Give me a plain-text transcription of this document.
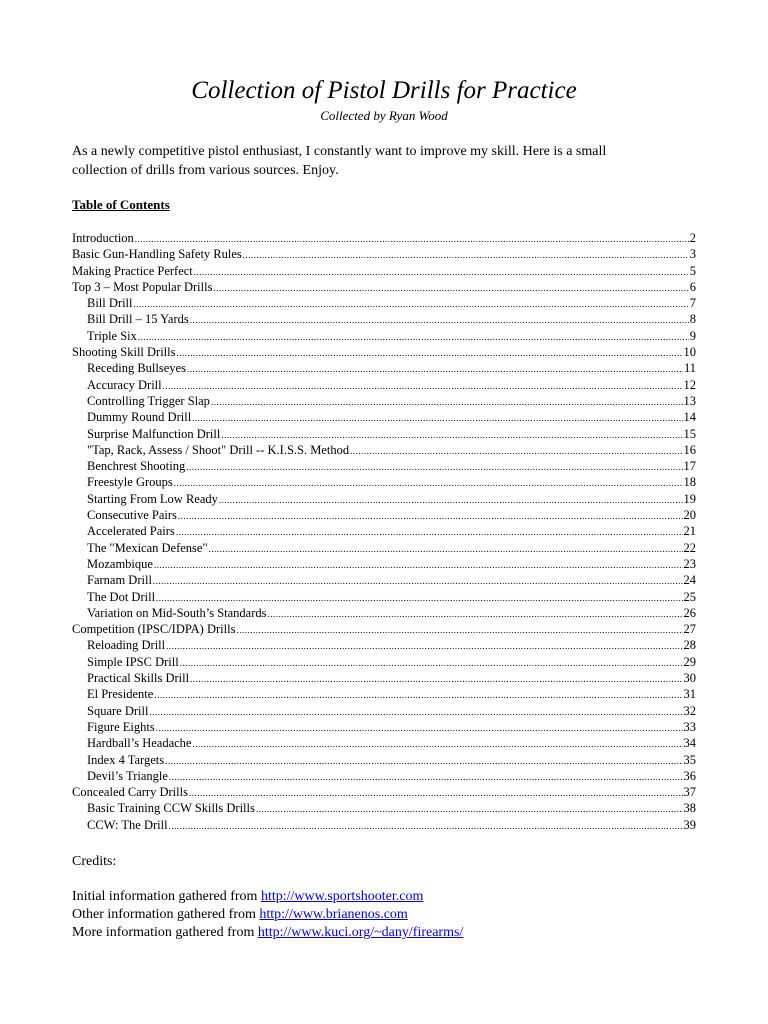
Collection of Pistol Drills for Practice
Collected by Ryan Wood
As a newly competitive pistol enthusiast, I constantly want to improve my skill. Here is a small
collection of drills from various sources. Enjoy.
Table of Contents
Introduction .....	2
Basic Gun-Handling Safety Rules .....	3
Making Practice Perfect .....	5
Top 3 – Most Popular Drills .....	6
Bill Drill .....	7
Bill Drill – 15 Yards .....	8
Triple Six .....	9
Shooting Skill Drills .....	10
Receding Bullseyes .....	11
Accuracy Drill .....	12
Controlling Trigger Slap .....	13
Dummy Round Drill .....	14
Surprise Malfunction Drill .....	15
"Tap, Rack, Assess / Shoot" Drill -- K.I.S.S. Method .....	16
Benchrest Shooting .....	17
Freestyle Groups .....	18
Starting From Low Ready .....	19
Consecutive Pairs .....	20
Accelerated Pairs .....	21
The "Mexican Defense" .....	22
Mozambique .....	23
Farnam Drill .....	24
The Dot Drill .....	25
Variation on Mid-South’s Standards .....	26
Competition (IPSC/IDPA) Drills .....	27
Reloading Drill .....	28
Simple IPSC Drill .....	29
Practical Skills Drill .....	30
El Presidente .....	31
Square Drill .....	32
Figure Eights .....	33
Hardball’s Headache .....	34
Index 4 Targets .....	35
Devil’s Triangle .....	36
Concealed Carry Drills .....	37
Basic Training CCW Skills Drills .....	38
CCW: The Drill .....	39
Credits:
Initial information gathered from http://www.sportshooter.com
Other information gathered from http://www.brianenos.com
More information gathered from http://www.kuci.org/~dany/firearms/
